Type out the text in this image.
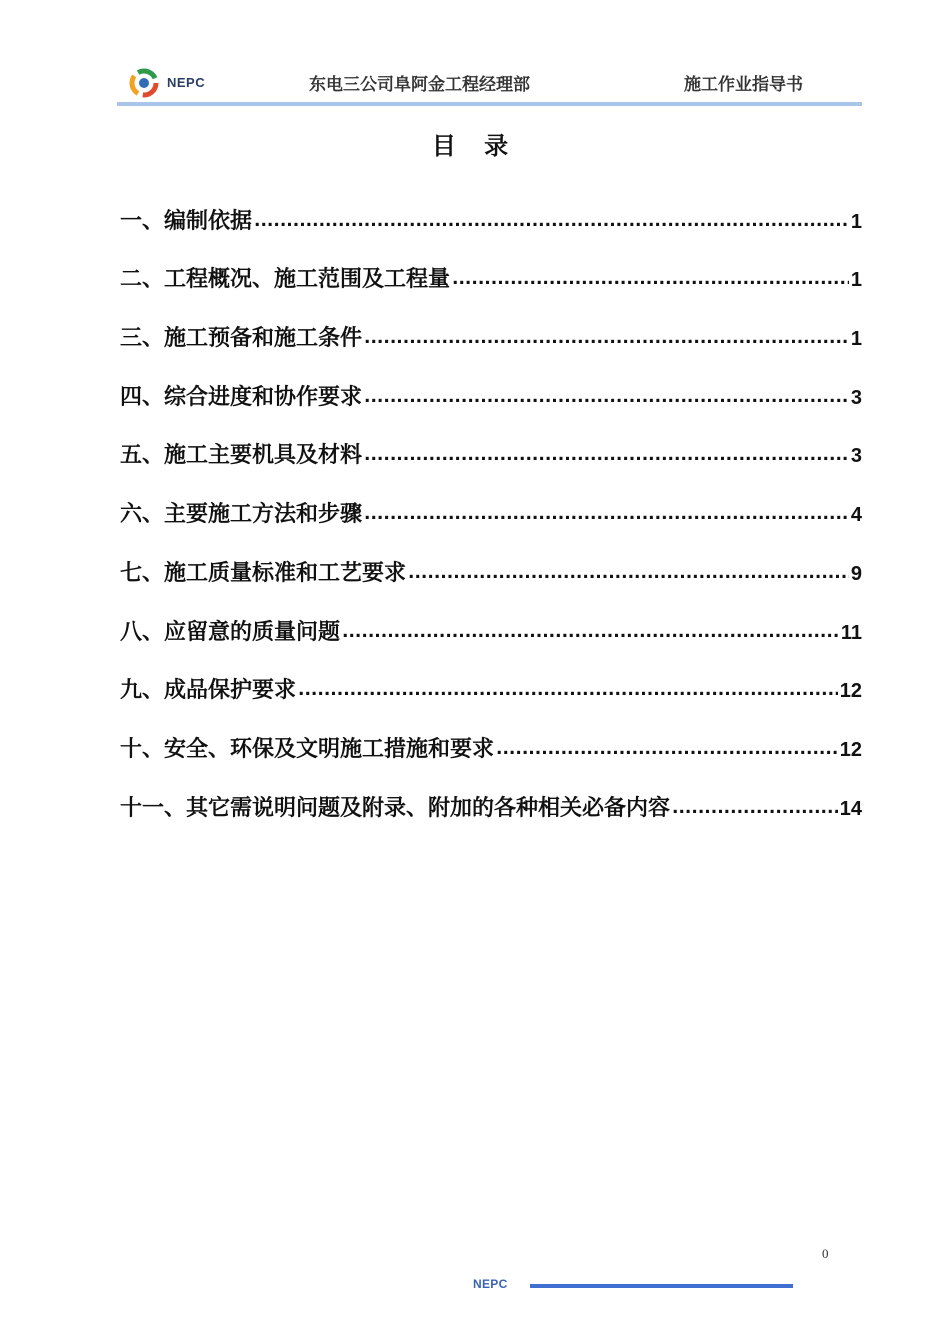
NEPC	东电三公司阜阿金工程经理部	施工作业指导书
目 录
一、编制依据 .....	1
二、工程概况、施工范围及工程量 .....	1
三、施工预备和施工条件 .....	1
四、综合进度和协作要求 .....	3
五、施工主要机具及材料 .....	3
六、主要施工方法和步骤 .....	4
七、施工质量标准和工艺要求 .....	9
八、应留意的质量问题 .....	11
九、成品保护要求 .....	12
十、安全、环保及文明施工措施和要求 .....	12
十一、其它需说明问题及附录、附加的各种相关必备内容 .....	14
0
NEPC
